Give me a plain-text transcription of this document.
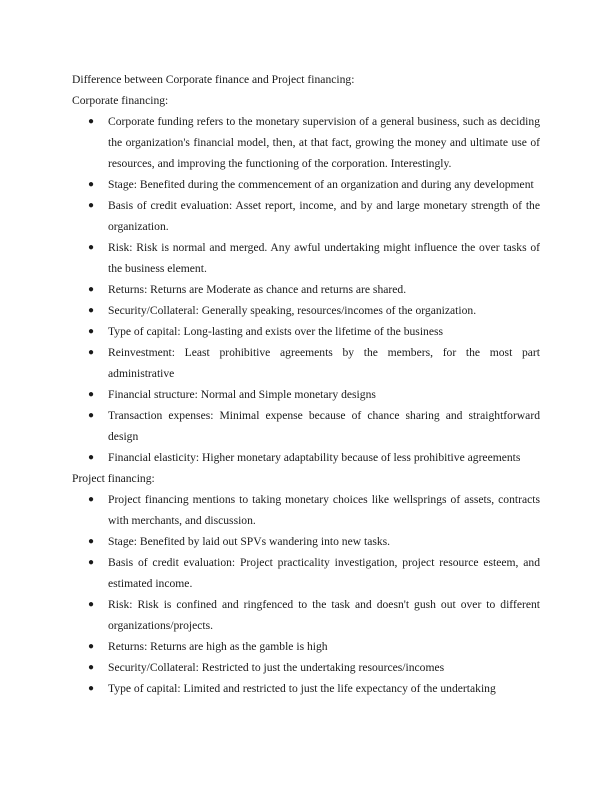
Difference between Corporate finance and Project financing:

Corporate financing:

● Corporate funding refers to the monetary supervision of a general business, such as deciding the organization's financial model, then, at that fact, growing the money and ultimate use of resources, and improving the functioning of the corporation. Interestingly.
● Stage: Benefited during the commencement of an organization and during any development
● Basis of credit evaluation: Asset report, income, and by and large monetary strength of the organization.
● Risk: Risk is normal and merged. Any awful undertaking might influence the over tasks of the business element.
● Returns: Returns are Moderate as chance and returns are shared.
● Security/Collateral: Generally speaking, resources/incomes of the organization.
● Type of capital: Long-lasting and exists over the lifetime of the business
● Reinvestment: Least prohibitive agreements by the members, for the most part administrative
● Financial structure: Normal and Simple monetary designs
● Transaction expenses: Minimal expense because of chance sharing and straightforward design
● Financial elasticity: Higher monetary adaptability because of less prohibitive agreements

Project financing:

● Project financing mentions to taking monetary choices like wellsprings of assets, contracts with merchants, and discussion.
● Stage: Benefited by laid out SPVs wandering into new tasks.
● Basis of credit evaluation: Project practicality investigation, project resource esteem, and estimated income.
● Risk: Risk is confined and ringfenced to the task and doesn't gush out over to different organizations/projects.
● Returns: Returns are high as the gamble is high
● Security/Collateral: Restricted to just the undertaking resources/incomes
● Type of capital: Limited and restricted to just the life expectancy of the undertaking
